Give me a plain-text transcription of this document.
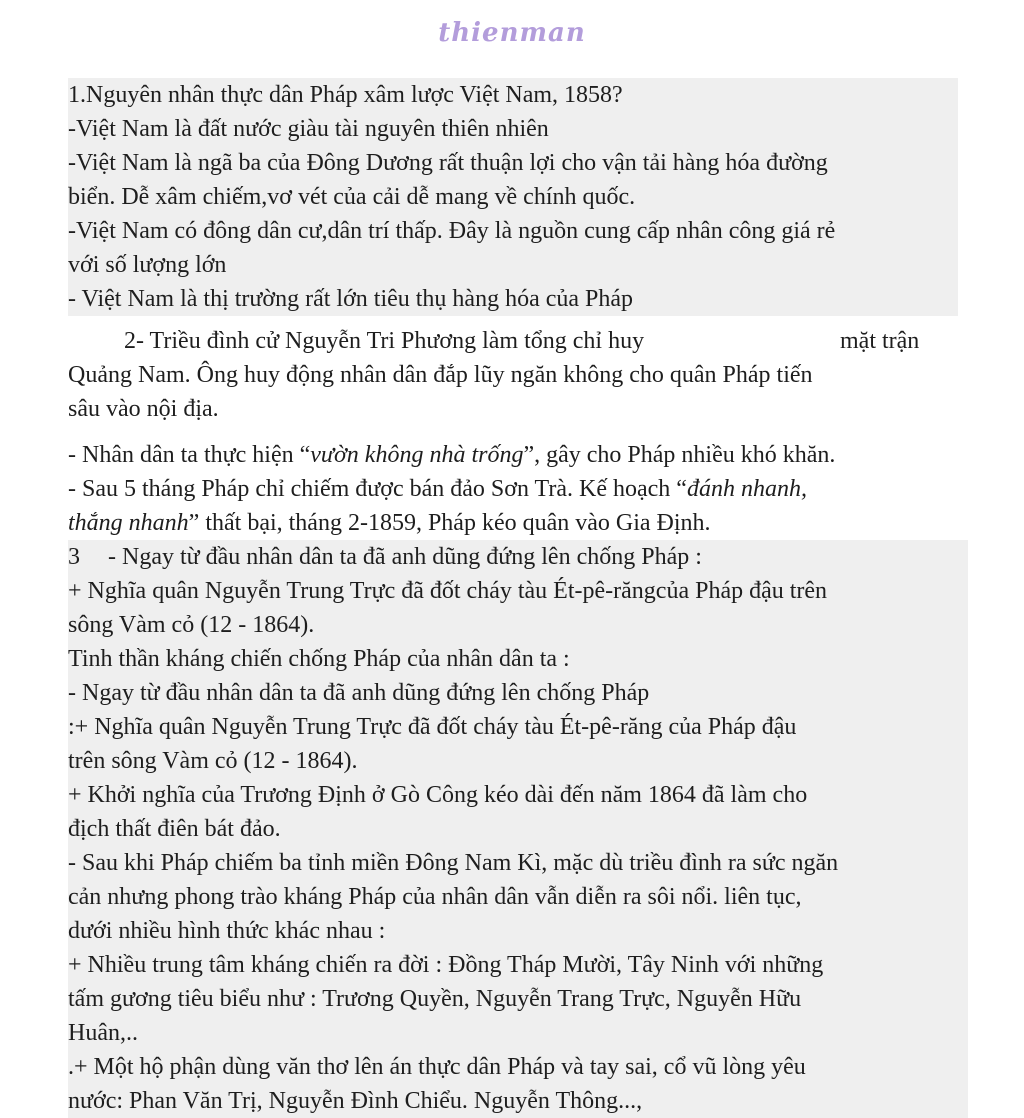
thienman
1.Nguyên nhân thực dân Pháp xâm lược Việt Nam, 1858?
-Việt Nam là đất nước giàu tài nguyên thiên nhiên
-Việt Nam là ngã ba của Đông Dương rất thuận lợi cho vận tải hàng hóa đường
biển. Dễ xâm chiếm,vơ vét của cải dễ mang về chính quốc.
-Việt Nam có đông dân cư,dân trí thấp. Đây là nguồn cung cấp nhân công giá rẻ
với số lượng lớn
- Việt Nam là thị trường rất lớn tiêu thụ hàng hóa của Pháp
2- Triều đình cử Nguyễn Tri Phương làm tổng chỉ huy	mặt trận
Quảng Nam. Ông huy động nhân dân đắp lũy ngăn không cho quân Pháp tiến
sâu vào nội địa.
- Nhân dân ta thực hiện “vườn không nhà trống”, gây cho Pháp nhiều khó khăn.
- Sau 5 tháng Pháp chỉ chiếm được bán đảo Sơn Trà. Kế hoạch “đánh nhanh,
thắng nhanh” thất bại, tháng 2-1859, Pháp kéo quân vào Gia Định.
3 - Ngay từ đầu nhân dân ta đã anh dũng đứng lên chống Pháp :
+ Nghĩa quân Nguyễn Trung Trực đã đốt cháy tàu Ét-pê-răngcủa Pháp đậu trên
sông Vàm cỏ (12 - 1864).
Tinh thần kháng chiến chống Pháp của nhân dân ta :
- Ngay từ đầu nhân dân ta đã anh dũng đứng lên chống Pháp
:+ Nghĩa quân Nguyễn Trung Trực đã đốt cháy tàu Ét-pê-răng của Pháp đậu
trên sông Vàm cỏ (12 - 1864).
+ Khởi nghĩa của Trương Định ở Gò Công kéo dài đến năm 1864 đã làm cho
địch thất điên bát đảo.
- Sau khi Pháp chiếm ba tỉnh miền Đông Nam Kì, mặc dù triều đình ra sức ngăn
cản nhưng phong trào kháng Pháp của nhân dân vẫn diễn ra sôi nổi. liên tục,
dưới nhiều hình thức khác nhau :
+ Nhiều trung tâm kháng chiến ra đời : Đồng Tháp Mười, Tây Ninh với những
tấm gương tiêu biểu như : Trương Quyền, Nguyễn Trang Trực, Nguyễn Hữu
Huân,..
.+ Một hộ phận dùng văn thơ lên án thực dân Pháp và tay sai, cổ vũ lòng yêu
nước: Phan Văn Trị, Nguyễn Đình Chiểu. Nguyễn Thông...,
